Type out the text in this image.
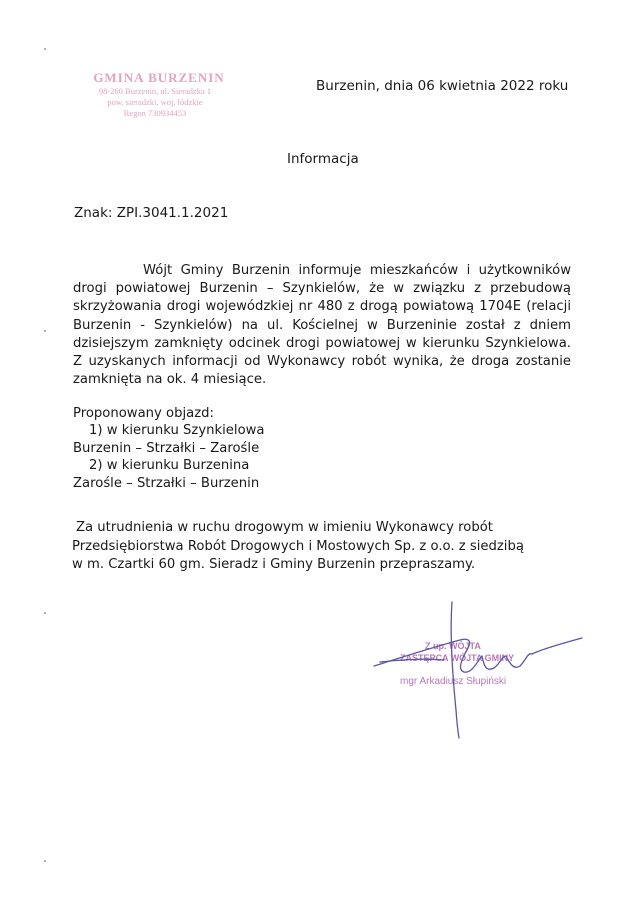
GMINA BURZENIN
98-260 Burzenin, ul. Sieradzka 1
pow. sieradzki, woj. łódzkie
Regon 730934453
Burzenin, dnia 06 kwietnia 2022 roku
Informacja
Znak: ZPI.3041.1.2021
Wójt Gminy Burzenin informuje mieszkańców i użytkowników drogi powiatowej Burzenin – Szynkielów, że w związku z przebudową skrzyżowania drogi wojewódzkiej nr 480 z drogą powiatową 1704E (relacji Burzenin - Szynkielów) na ul. Kościelnej w Burzeninie został z dniem dzisiejszym zamknięty odcinek drogi powiatowej w kierunku Szynkielowa. Z uzyskanych informacji od Wykonawcy robót wynika, że droga zostanie zamknięta na ok. 4 miesiące.
Proponowany objazd:
1) w kierunku Szynkielowa
Burzenin – Strzałki – Zarośle
2) w kierunku Burzenina
Zarośle – Strzałki – Burzenin
Za utrudnienia w ruchu drogowym w imieniu Wykonawcy robót
Przedsiębiorstwa Robót Drogowych i Mostowych Sp. z o.o. z siedzibą
w m. Czartki 60 gm. Sieradz i Gminy Burzenin przepraszamy.
Z up. WÓJTA
ZASTĘPCA WÓJTA GMINY
mgr Arkadiusz Słupiński
